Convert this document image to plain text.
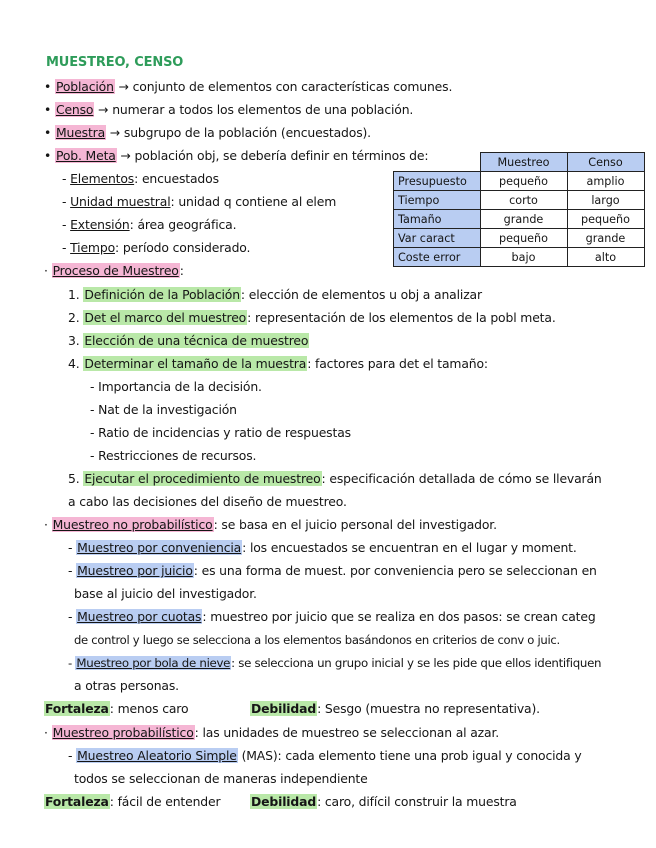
MUESTREO, CENSO
• Población → conjunto de elementos con características comunes.
• Censo → numerar a todos los elementos de una población.
• Muestra → subgrupo de la población (encuestados).
• Pob. Meta → población obj, se debería definir en términos de:
- Elementos: encuestados
- Unidad muestral: unidad q contiene al elem
- Extensión: área geográfica.
- Tiempo: período considerado.
	Muestreo	Censo
Presupuesto	pequeño	amplio
Tiempo	corto	largo
Tamaño	grande	pequeño
Var caract	pequeño	grande
Coste error	bajo	alto
· Proceso de Muestreo:
1. Definición de la Población: elección de elementos u obj a analizar
2. Det el marco del muestreo: representación de los elementos de la pobl meta.
3. Elección de una técnica de muestreo
4. Determinar el tamaño de la muestra: factores para det el tamaño:
- Importancia de la decisión.
- Nat de la investigación
- Ratio de incidencias y ratio de respuestas
- Restricciones de recursos.
5. Ejecutar el procedimiento de muestreo: especificación detallada de cómo se llevarán
a cabo las decisiones del diseño de muestreo.
· Muestreo no probabilístico: se basa en el juicio personal del investigador.
- Muestreo por conveniencia: los encuestados se encuentran en el lugar y moment.
- Muestreo por juicio: es una forma de muest. por conveniencia pero se seleccionan en
base al juicio del investigador.
- Muestreo por cuotas: muestreo por juicio que se realiza en dos pasos: se crean categ
de control y luego se selecciona a los elementos basándonos en criterios de conv o juic.
- Muestreo por bola de nieve: se selecciona un grupo inicial y se les pide que ellos identifiquen
a otras personas.
Fortaleza: menos caro	Debilidad: Sesgo (muestra no representativa).
· Muestreo probabilístico: las unidades de muestreo se seleccionan al azar.
- Muestreo Aleatorio Simple (MAS): cada elemento tiene una prob igual y conocida y
todos se seleccionan de maneras independiente
Fortaleza: fácil de entender Debilidad: caro, difícil construir la muestra
